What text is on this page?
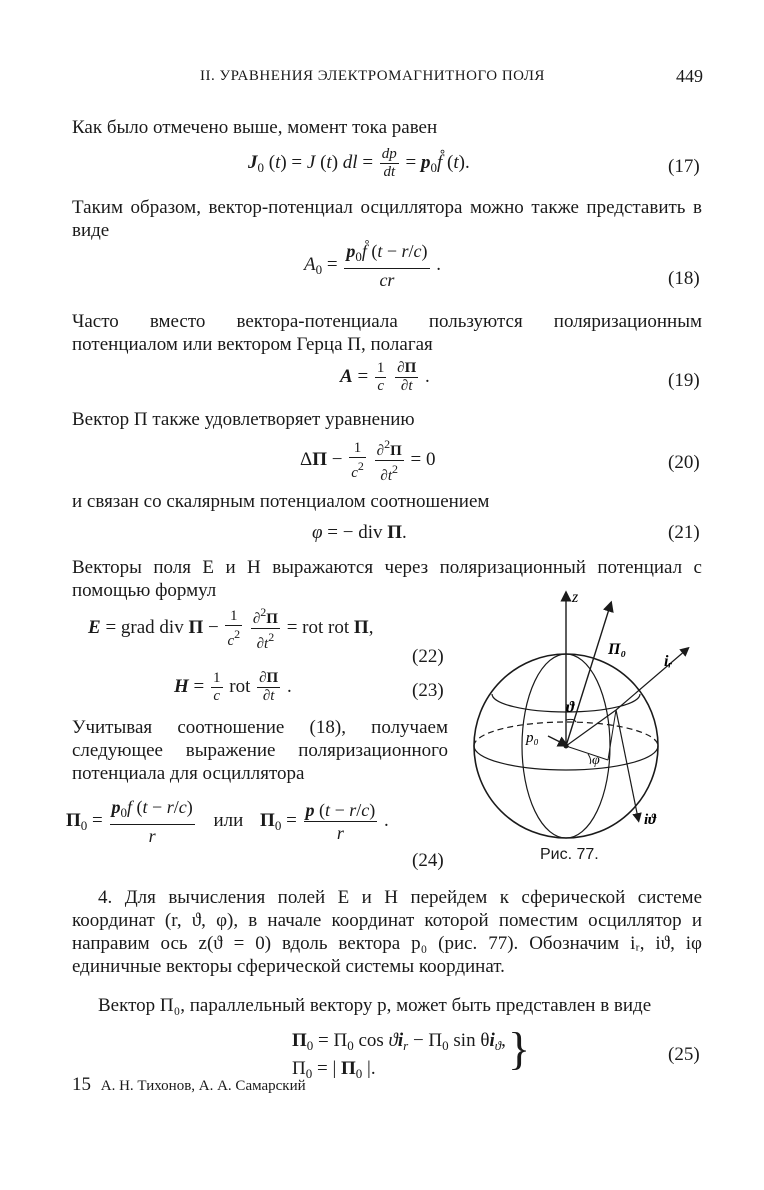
II. УРАВНЕНИЯ ЭЛЕКТРОМАГНИТНОГО ПОЛЯ	449

Как было отмечено выше, момент тока равен

$J_0$ (t) = J (t) dl = $\frac{dp}{dt}$ = $p_0f̊$ (t).	(17)

Таким образом, вектор-потенциал осциллятора можно также представить в виде

$A_0 = \frac{p_0f̊ (t - r/c)}{cr}$ .
(18)

Часто вместо вектора-потенциала пользуются поляризационным потенциалом или вектором Герца П, полагая

$A = \frac{1}{c}$
$\frac{\partial П}{\partial t}$ .	(19)

Вектор П также удовлетворяет уравнению

$\Delta П - \frac{1}{c^2}$
$\frac{\partial^2П}{\partial t^2} = 0$	(20)

и связан со скалярным потенциалом соотношением

φ = − div П.	(21)

Векторы поля E и H выражаются через поляризационный потенциал с помощью формул

E = grad div $П - \frac{1}{c^2}$
$\frac{\partial^2П}{\partial t^2}$ = rot rot П,
(22)
$H = \frac{1}{c}$ rot $\frac{\partial П}{\partial t}$ .	(23)

Учитывая соотношение (18), получаем следующее выражение поляризационного потенциала для осциллятора

$П_0 = \frac{p_0f (t - r/c)}{r}$ или $П_0 = \frac{p (t - r/c)}{r}$ .
(24)
z
П₀
iᵣ
ϑ
p₀
φ
iϑ
Рис. 77.

4. Для вычисления полей E и H перейдем к сферической системе координат (r, ϑ, φ), в начале координат которой поместим осциллятор и направим ось z(ϑ = 0) вдоль вектора p₀ (рис. 77). Обозначим iᵣ, iϑ, iφ единичные векторы сферической системы координат.

Вектор П₀, параллельный вектору p, может быть представлен в виде

$П_0 = П_0$ $\cos ϑi_r - П_0$ $\sin \theta i_ϑ$,
$П_0$ = | $П_0$ |.	}	(25)
15 А. Н. Тихонов, А. А. Самарский
